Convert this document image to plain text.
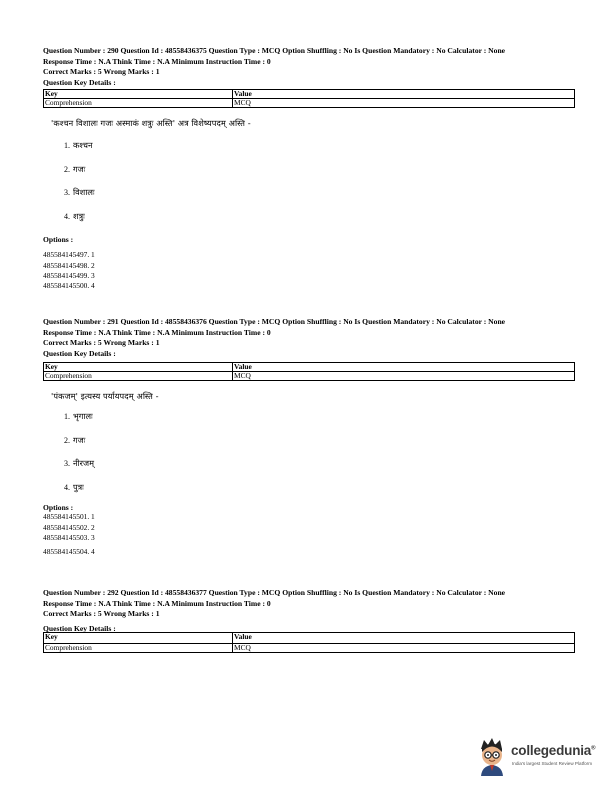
Question Number : 290 Question Id : 48558436375 Question Type : MCQ Option Shuffling : No Is Question Mandatory : No Calculator : None
Response Time : N.A Think Time : N.A Minimum Instruction Time : 0
Correct Marks : 5 Wrong Marks : 1
Question Key Details :
Key	Value
Comprehension	MCQ
'कश्चन विशालः गजः अस्माकं शत्रुः अस्ति' अत्र विशेष्यपदम् अस्ति -
1. कश्चन
2. गजः
3. विशालः
4. शत्रुः
Options :
485584145497. 1
485584145498. 2
485584145499. 3
485584145500. 4
Question Number : 291 Question Id : 48558436376 Question Type : MCQ Option Shuffling : No Is Question Mandatory : No Calculator : None
Response Time : N.A Think Time : N.A Minimum Instruction Time : 0
Correct Marks : 5 Wrong Marks : 1
Question Key Details :
Key	Value
Comprehension	MCQ
'पंकजम्' इत्यस्य पर्यायपदम् अस्ति -
1. भृगालः
2. गजः
3. नीरजम्
4. पुत्रः
Options :
485584145501. 1
485584145502. 2
485584145503. 3
485584145504. 4
Question Number : 292 Question Id : 48558436377 Question Type : MCQ Option Shuffling : No Is Question Mandatory : No Calculator : None
Response Time : N.A Think Time : N.A Minimum Instruction Time : 0
Correct Marks : 5 Wrong Marks : 1
Question Key Details :
Key	Value
Comprehension	MCQ
collegedunia®
India's largest Student Review Platform
